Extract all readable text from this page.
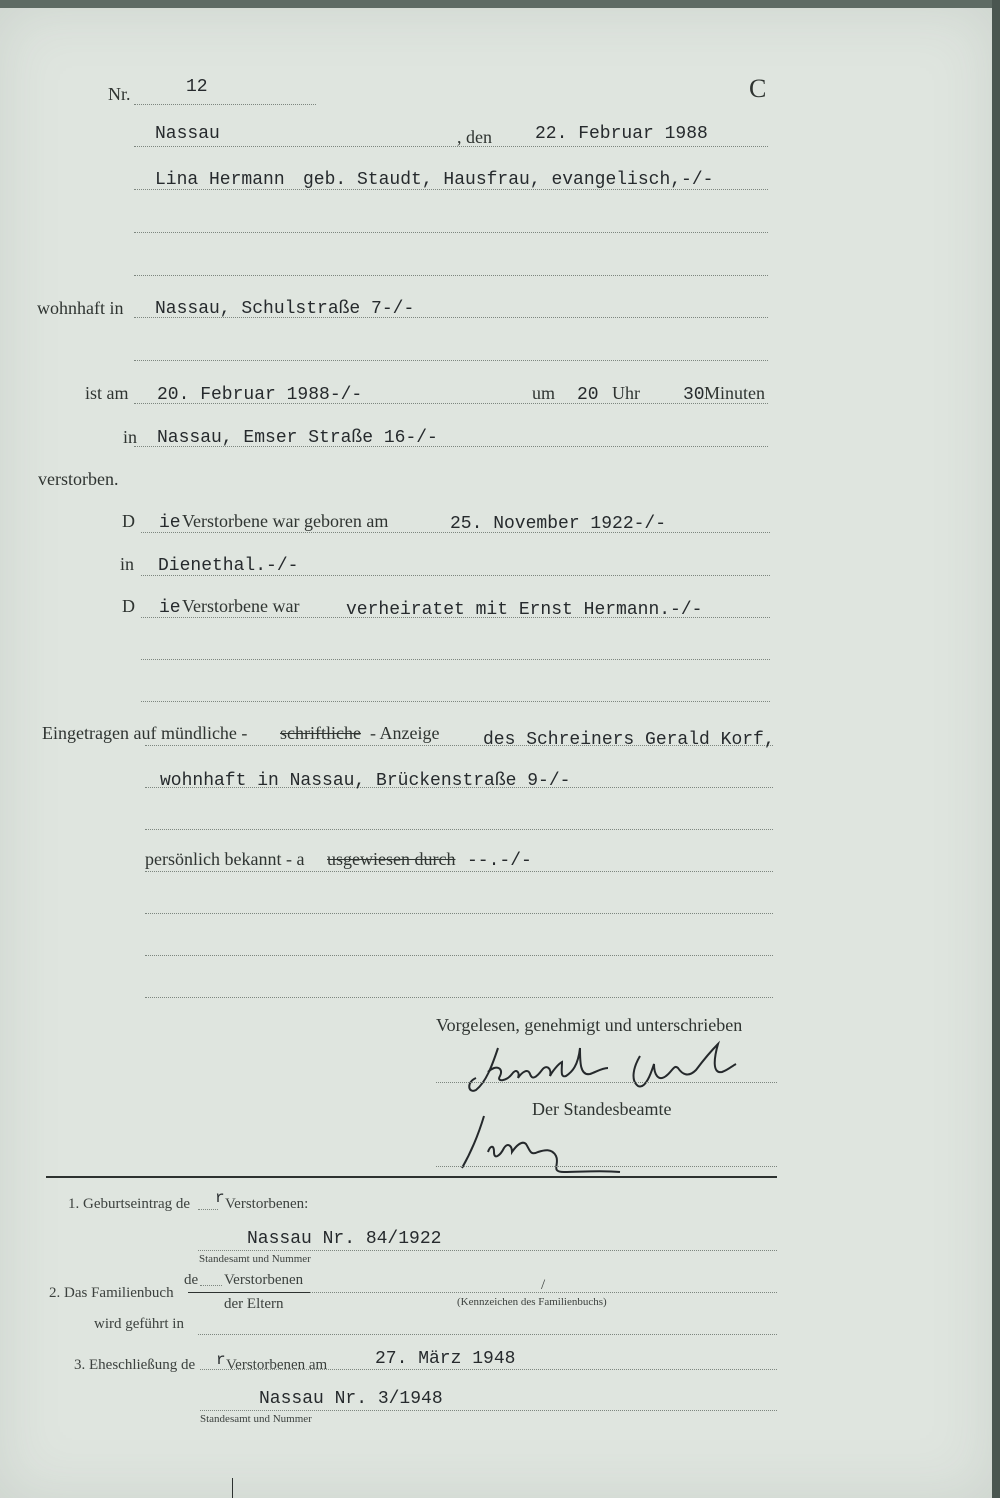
Nr.	12	C
Nassau	, den 22. Februar 1988
Lina Hermann geb. Staudt, Hausfrau, evangelisch,-/-
wohnhaft in Nassau, Schulstraße 7-/-
ist am 20. Februar 1988-/-	um 20 Uhr 30 Minuten
in Nassau, Emser Straße 16-/-
verstorben.
D ie Verstorbene war geboren am	25. November 1922-/-
in Dienethal.-/-
D ie Verstorbene war	verheiratet mit Ernst Hermann.-/-
Eingetragen auf mündliche - schriftliche - Anzeige des Schreiners Gerald Korf,
wohnhaft in Nassau, Brückenstraße 9-/-
persönlich bekannt - a usgewiesen durch --.-/-
Vorgelesen, genehmigt und unterschrieben
Der Standesbeamte
1. Geburtseintrag de r Verstorbenen:
Nassau Nr. 84/1922
Standesamt und Nummer
2. Das Familienbuch
de Verstorbenen
der Eltern
/
(Kennzeichen des Familienbuchs)
wird geführt in
3. Eheschließung de r Verstorbenen am	27. März 1948
Nassau Nr. 3/1948
Standesamt und Nummer
